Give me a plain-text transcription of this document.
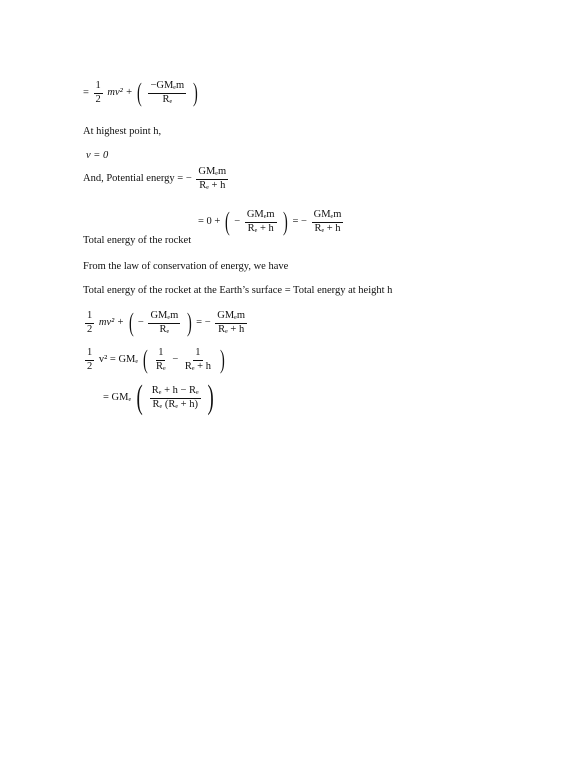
= $\frac{1}{2} mv^2$ + ( $\frac{\text{−GMₑm}}{\text{Rₑ}}$ )
At highest point h,
v = 0
And, Potential energy = − $\frac{\text{GMₑm}}{\text{Rₑ + h}}$
= 0 + ( − $\frac{\text{GMₑm}}{\text{Rₑ + h}}$ ) = − $\frac{\text{GMₑm}}{\text{Rₑ + h}}$
Total energy of the rocket
From the law of conservation of energy, we have
Total energy of the rocket at the Earth’s surface = Total energy at height h
$\frac{1}{2} mv^2$ + ( − $\frac{\text{GMₑm}}{\text{Rₑ}}$ ) = − $\frac{\text{GMₑm}}{\text{Rₑ + h}}$
$\frac{1}{2} v^2 = GM_e$ ( $\frac{1}{\text{Rₑ}} - \frac{1}{\text{Rₑ + h}}$ )
= GMₑ ( $\frac{\text{Rₑ + h − Rₑ}}{\text{Rₑ (Rₑ + h)}}$ )
